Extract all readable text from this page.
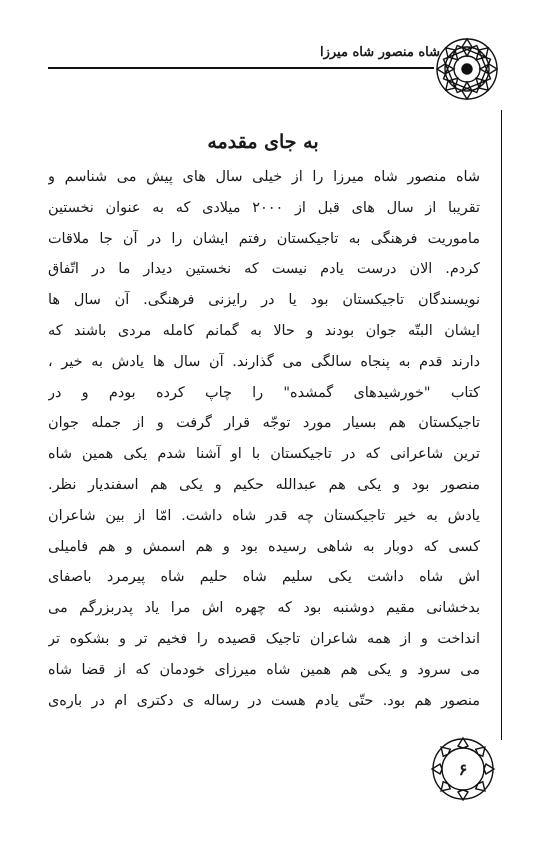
شاه منصور شاه میرزا
به جای مقدمه
شاه منصور شاه میرزا را از خیلی سال های پیش می شناسم و
تقریبا از سال های قبل از ۲۰۰۰ میلادی که به عنوان نخستین
ماموریت فرهنگی به تاجیکستان رفتم ایشان را در آن جا ملاقات
کردم. الان درست یادم نیست که نخستین دیدار ما در اتّفاق
نویسندگان تاجیکستان بود یا در رایزنی فرهنگی. آن سال ها
ایشان البتّه جوان بودند و حالا به گمانم کامله مردی باشند که
دارند قدم به پنجاه سالگی می گذارند. آن سال ها یادش به خیر ،
کتاب "خورشیدهای گمشده" را چاپ کرده بودم و در
تاجیکستان هم بسیار مورد توجّه قرار گرفت و از جمله جوان
ترین شاعرانی که در تاجیکستان با او آشنا شدم یکی همین شاه
منصور بود و یکی هم عبدالله حکیم و یکی هم اسفندیار نظر.
یادش به خیر تاجیکستان چه قدر شاه داشت. امّا از بین شاعران
کسی که دوبار به شاهی رسیده بود و هم اسمش و هم فامیلی
اش شاه داشت یکی سلیم شاه حلیم شاه پیرمرد باصفای
بدخشانی مقیم دوشنبه بود که چهره اش مرا یاد پدربزرگم می
انداخت و از همه شاعران تاجیک قصیده را فخیم تر و بشکوه تر
می سرود و یکی هم همین شاه میرزای خودمان که از قضا شاه
منصور هم بود. حتّی یادم هست در رساله ی دکتری ام در باره‌ی
۶
